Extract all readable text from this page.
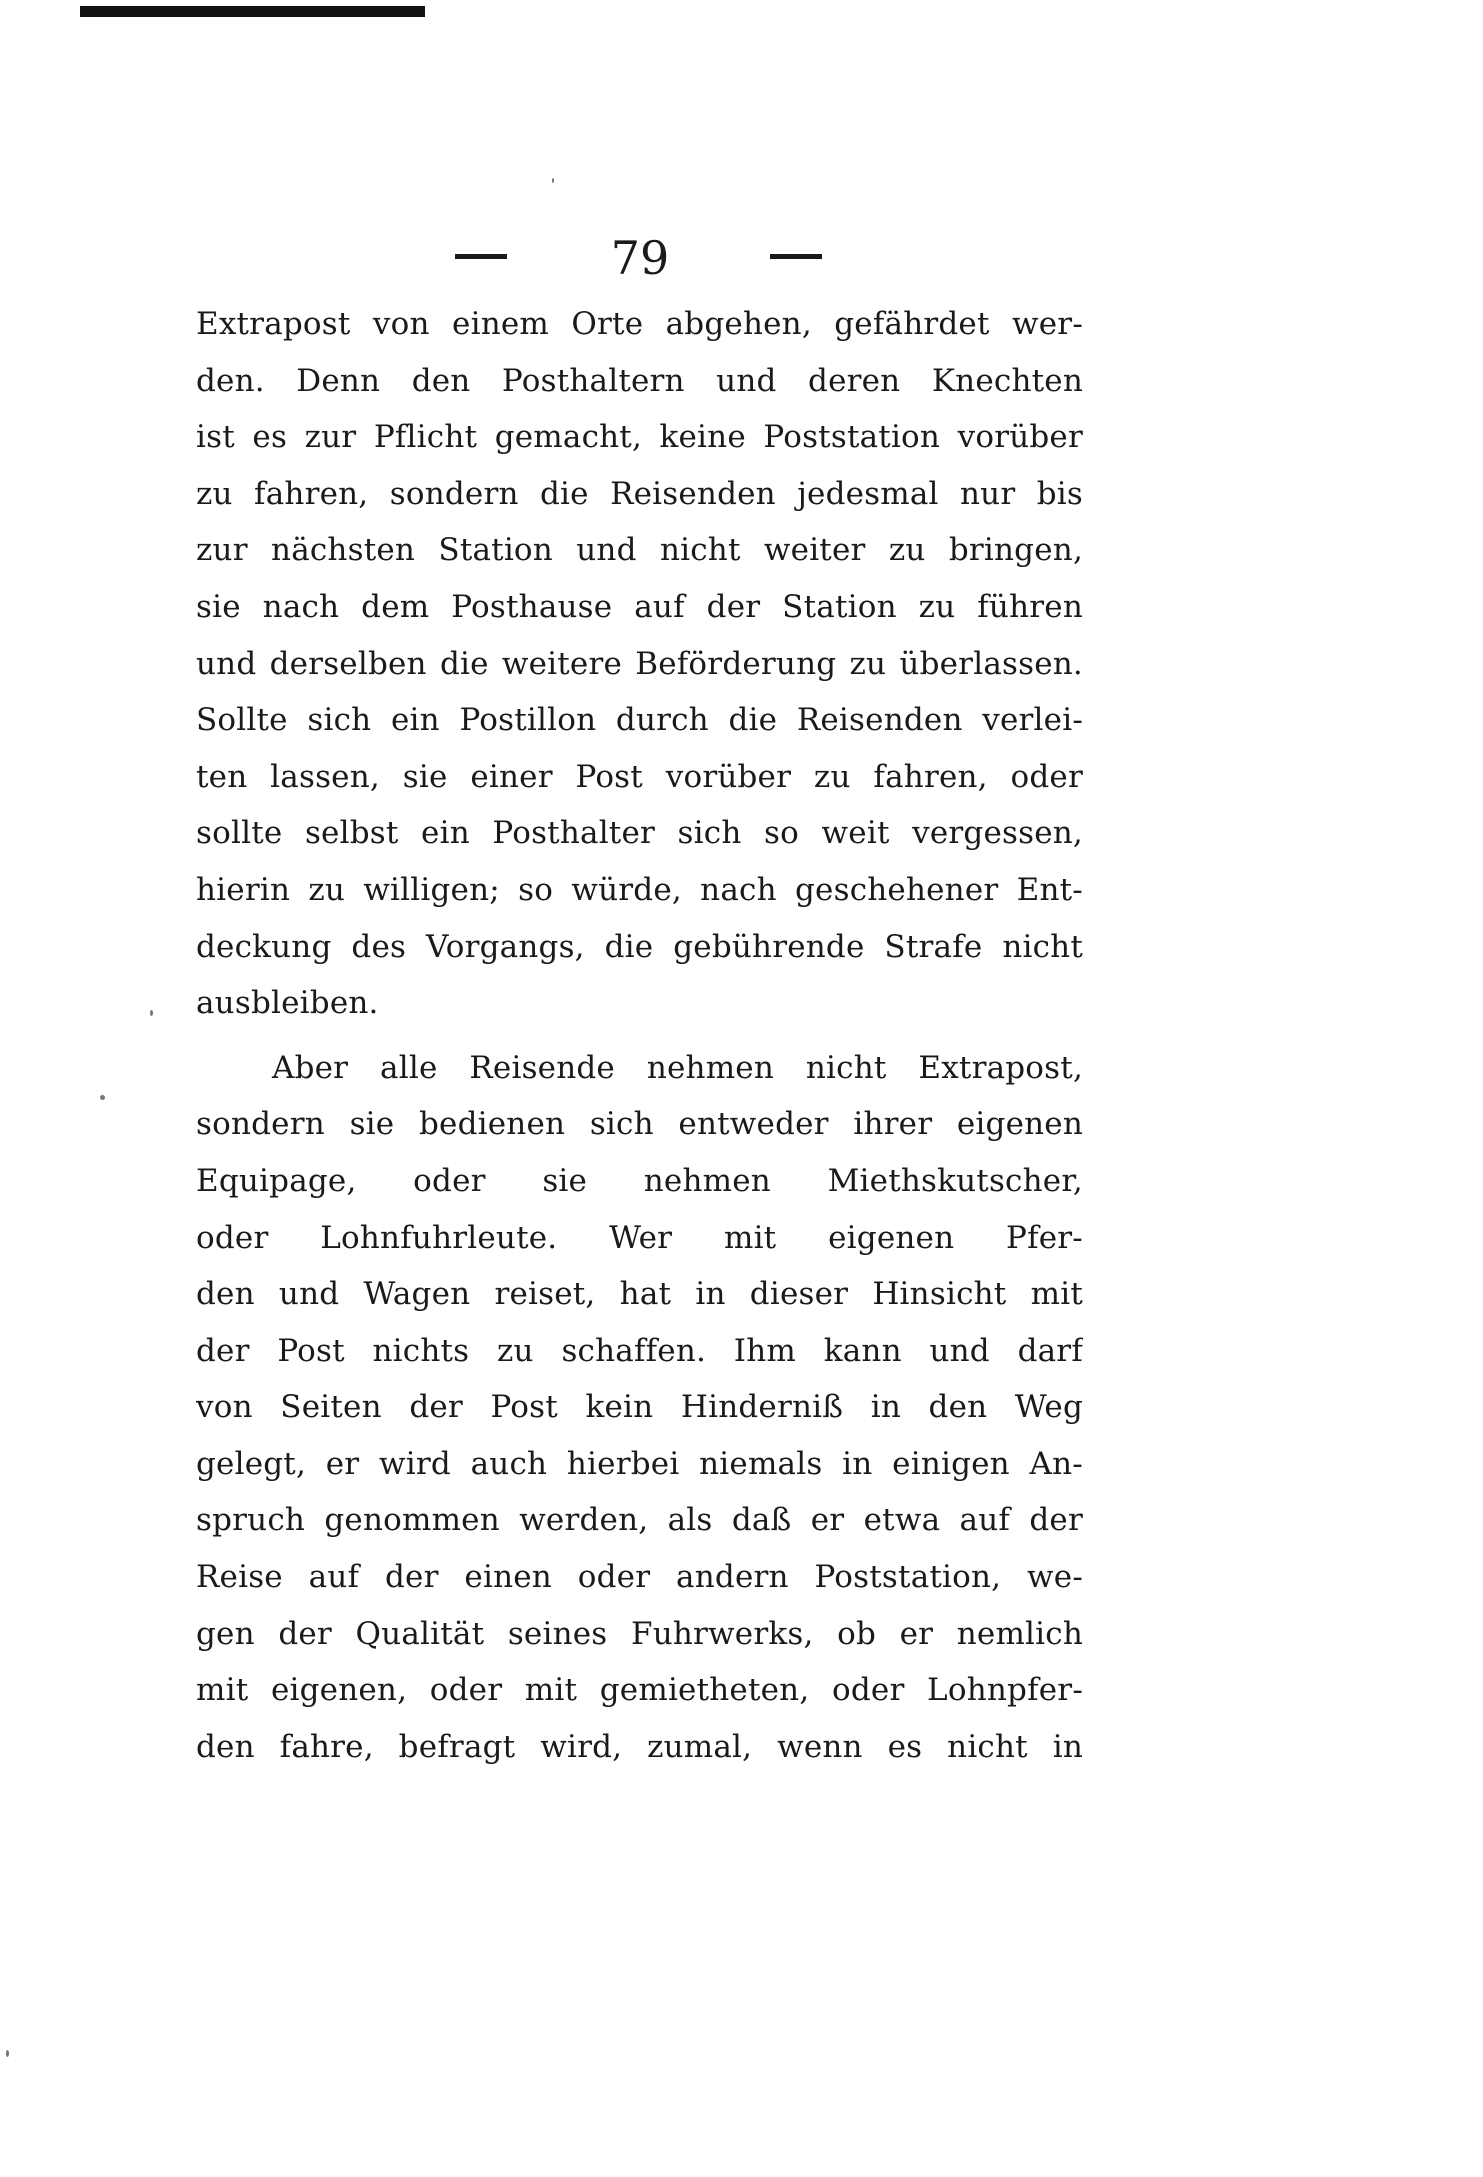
79
Extrapost von einem Orte abgehen, gefährdet wer-
den. Denn den Posthaltern und deren Knechten
ist es zur Pflicht gemacht, keine Poststation vorüber
zu fahren, sondern die Reisenden jedesmal nur bis
zur nächsten Station und nicht weiter zu bringen,
sie nach dem Posthause auf der Station zu führen
und derselben die weitere Beförderung zu überlassen.
Sollte sich ein Postillon durch die Reisenden verlei-
ten lassen, sie einer Post vorüber zu fahren, oder
sollte selbst ein Posthalter sich so weit vergessen,
hierin zu willigen; so würde, nach geschehener Ent-
deckung des Vorgangs, die gebührende Strafe nicht
ausbleiben.
Aber alle Reisende nehmen nicht Extrapost,
sondern sie bedienen sich entweder ihrer eigenen
Equipage, oder sie nehmen Miethskutscher,
oder Lohnfuhrleute. Wer mit eigenen Pfer-
den und Wagen reiset, hat in dieser Hinsicht mit
der Post nichts zu schaffen. Ihm kann und darf
von Seiten der Post kein Hinderniß in den Weg
gelegt, er wird auch hierbei niemals in einigen An-
spruch genommen werden, als daß er etwa auf der
Reise auf der einen oder andern Poststation, we-
gen der Qualität seines Fuhrwerks, ob er nemlich
mit eigenen, oder mit gemietheten, oder Lohnpfer-
den fahre, befragt wird, zumal, wenn es nicht in
